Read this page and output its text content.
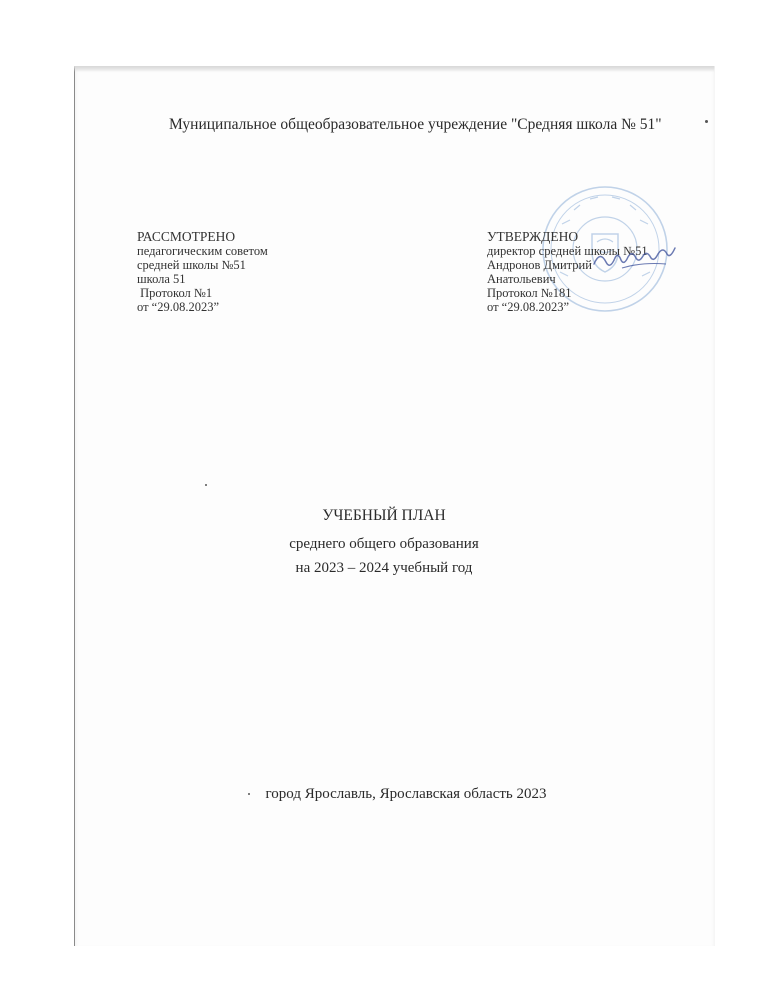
Муниципальное общеобразовательное учреждение "Средняя школа № 51"
РАССМОТРЕНО
педагогическим советом
средней школы №51
школа 51
Протокол №1
от “29.08.2023”
УТВЕРЖДЕНО
директор средней школы №51
Андронов Дмитрий
Анатольевич
Протокол №181
от “29.08.2023”
УЧЕБНЫЙ ПЛАН
среднего общего образования
на 2023 – 2024 учебный год
город Ярославль, Ярославская область 2023
